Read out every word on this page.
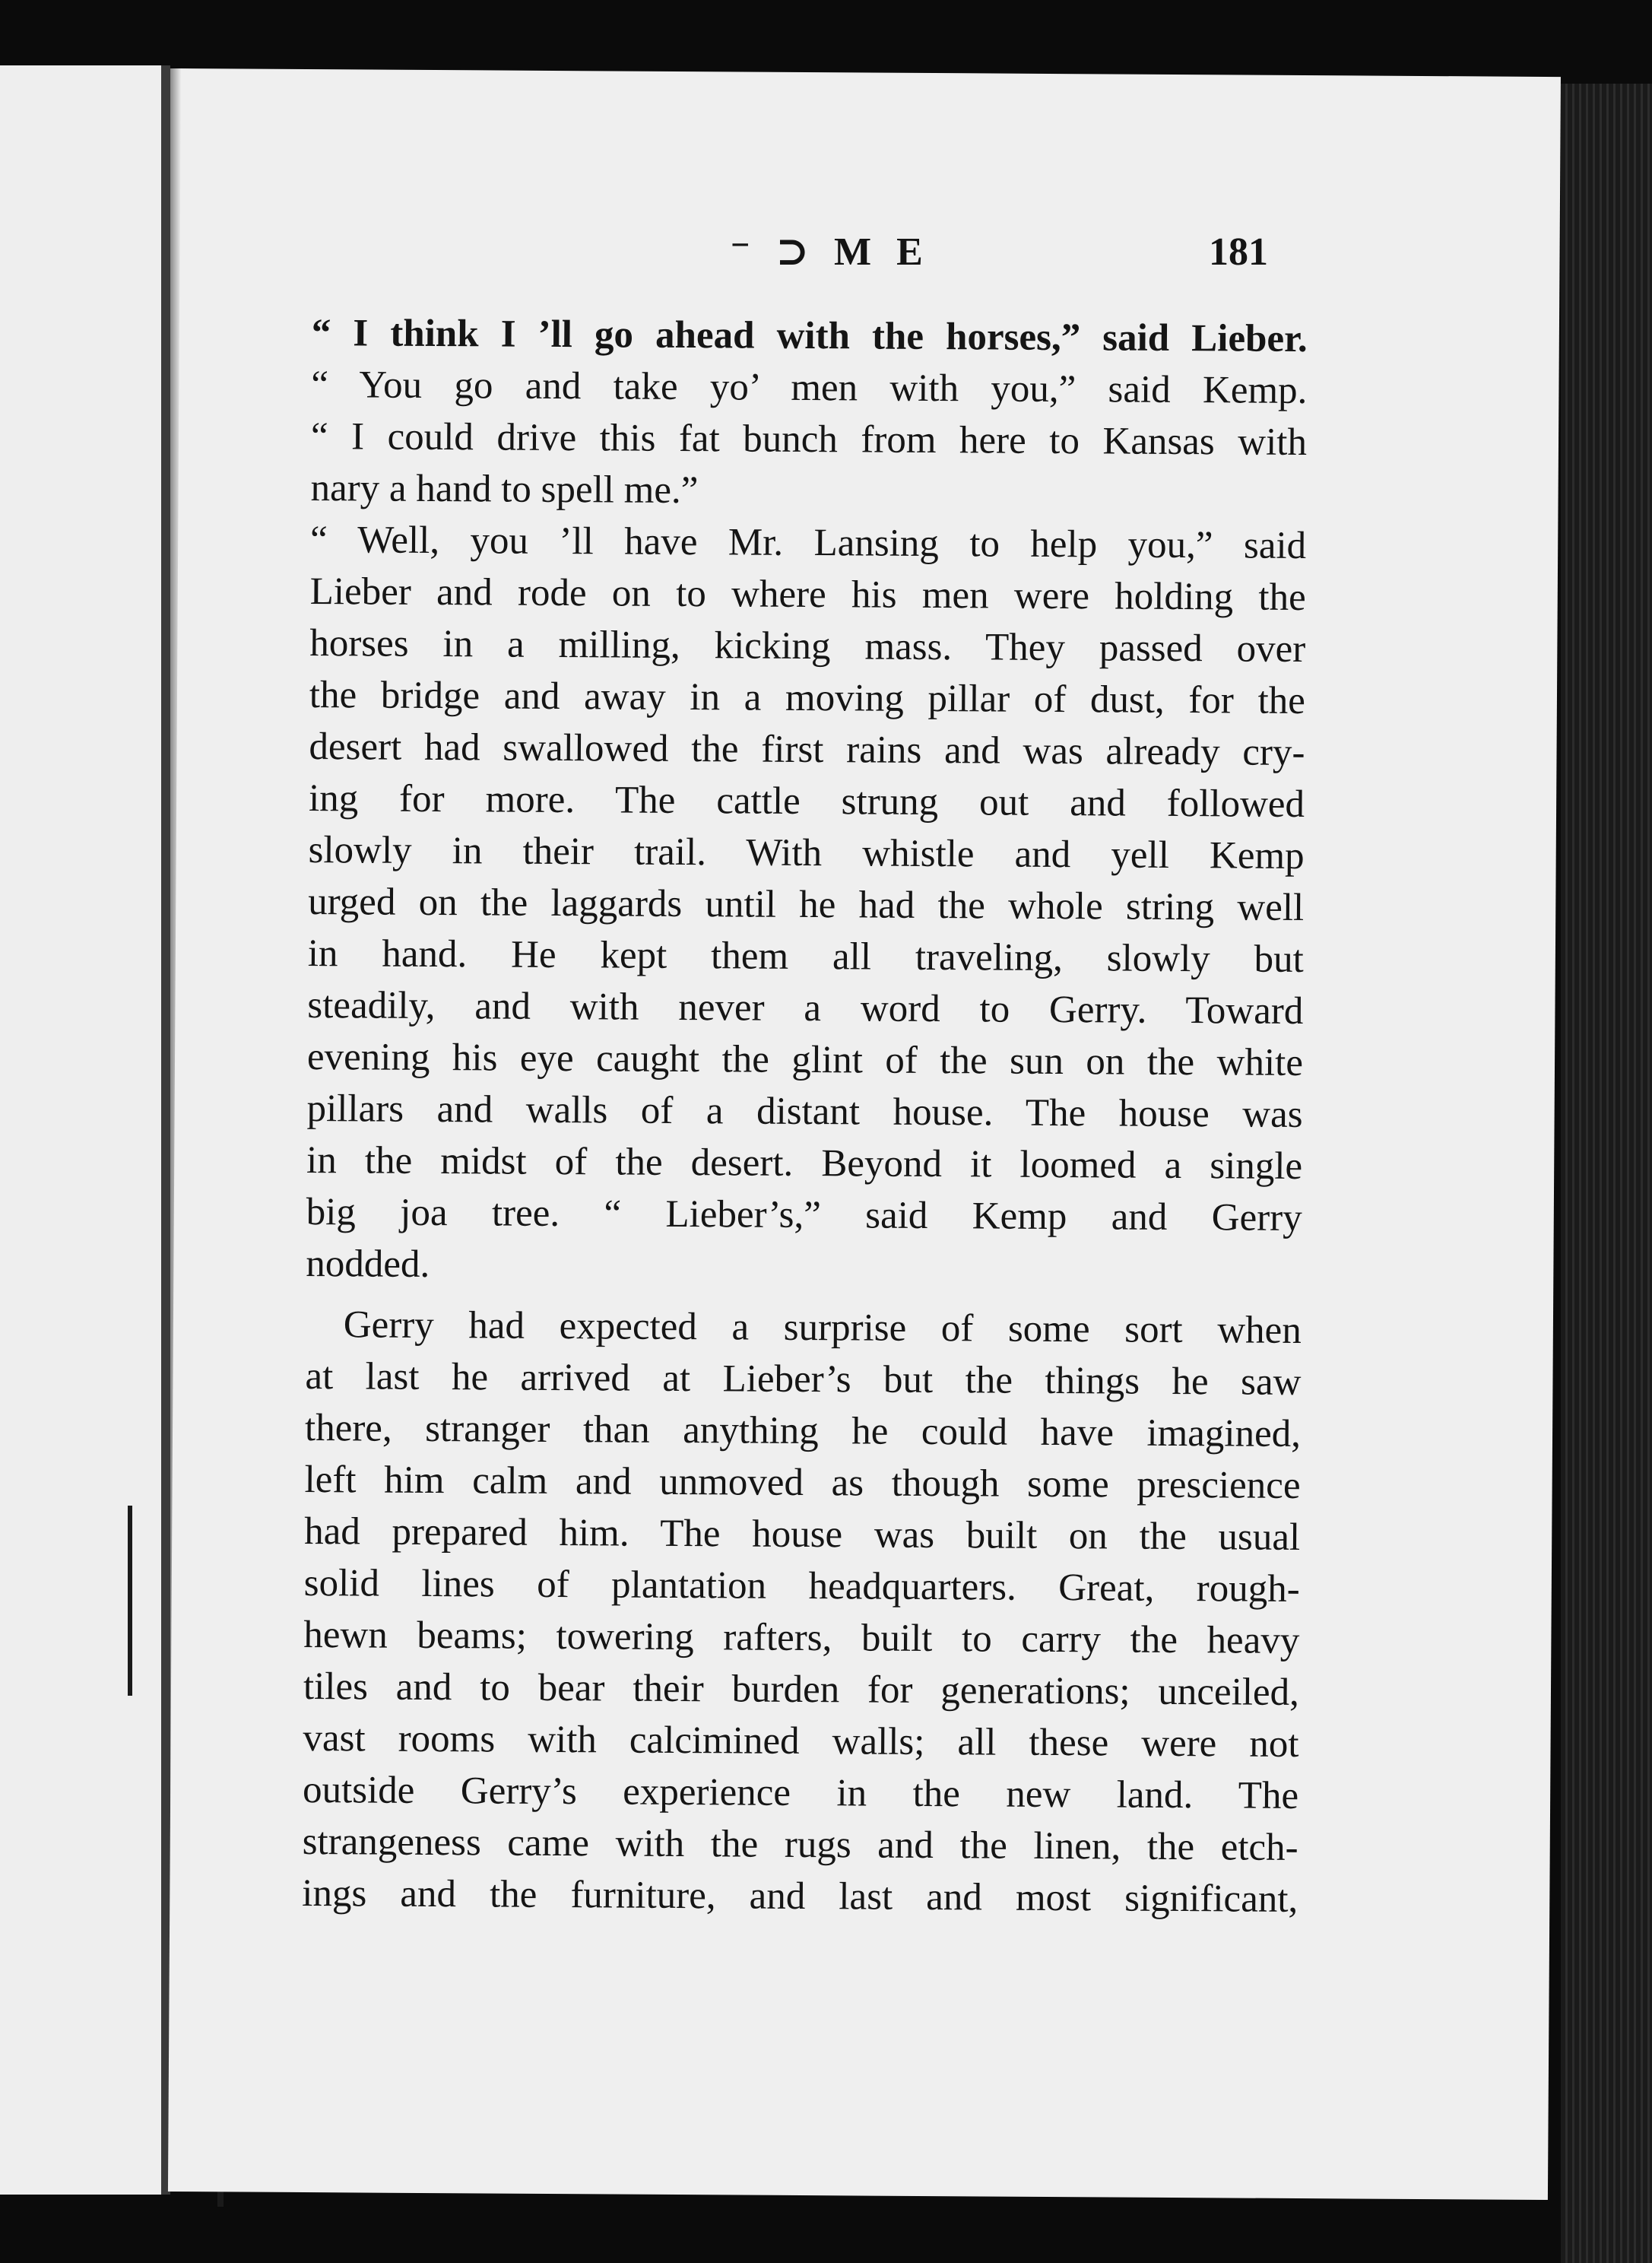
⁻ ⊃ M E	181
“ I think I ’ll go ahead with the horses,” said Lieber.
“ You go and take yo’ men with you,” said Kemp.
“ I could drive this fat bunch from here to Kansas with
nary a hand to spell me.”
“ Well, you ’ll have Mr. Lansing to help you,” said
Lieber and rode on to where his men were holding the
horses in a milling, kicking mass. They passed over
the bridge and away in a moving pillar of dust, for the
desert had swallowed the first rains and was already cry-
ing for more. The cattle strung out and followed
slowly in their trail. With whistle and yell Kemp
urged on the laggards until he had the whole string well
in hand. He kept them all traveling, slowly but
steadily, and with never a word to Gerry. Toward
evening his eye caught the glint of the sun on the white
pillars and walls of a distant house. The house was
in the midst of the desert. Beyond it loomed a single
big joa tree. “ Lieber’s,” said Kemp and Gerry
nodded.
Gerry had expected a surprise of some sort when
at last he arrived at Lieber’s but the things he saw
there, stranger than anything he could have imagined,
left him calm and unmoved as though some prescience
had prepared him. The house was built on the usual
solid lines of plantation headquarters. Great, rough-
hewn beams; towering rafters, built to carry the heavy
tiles and to bear their burden for generations; unceiled,
vast rooms with calcimined walls; all these were not
outside Gerry’s experience in the new land. The
strangeness came with the rugs and the linen, the etch-
ings and the furniture, and last and most significant,
